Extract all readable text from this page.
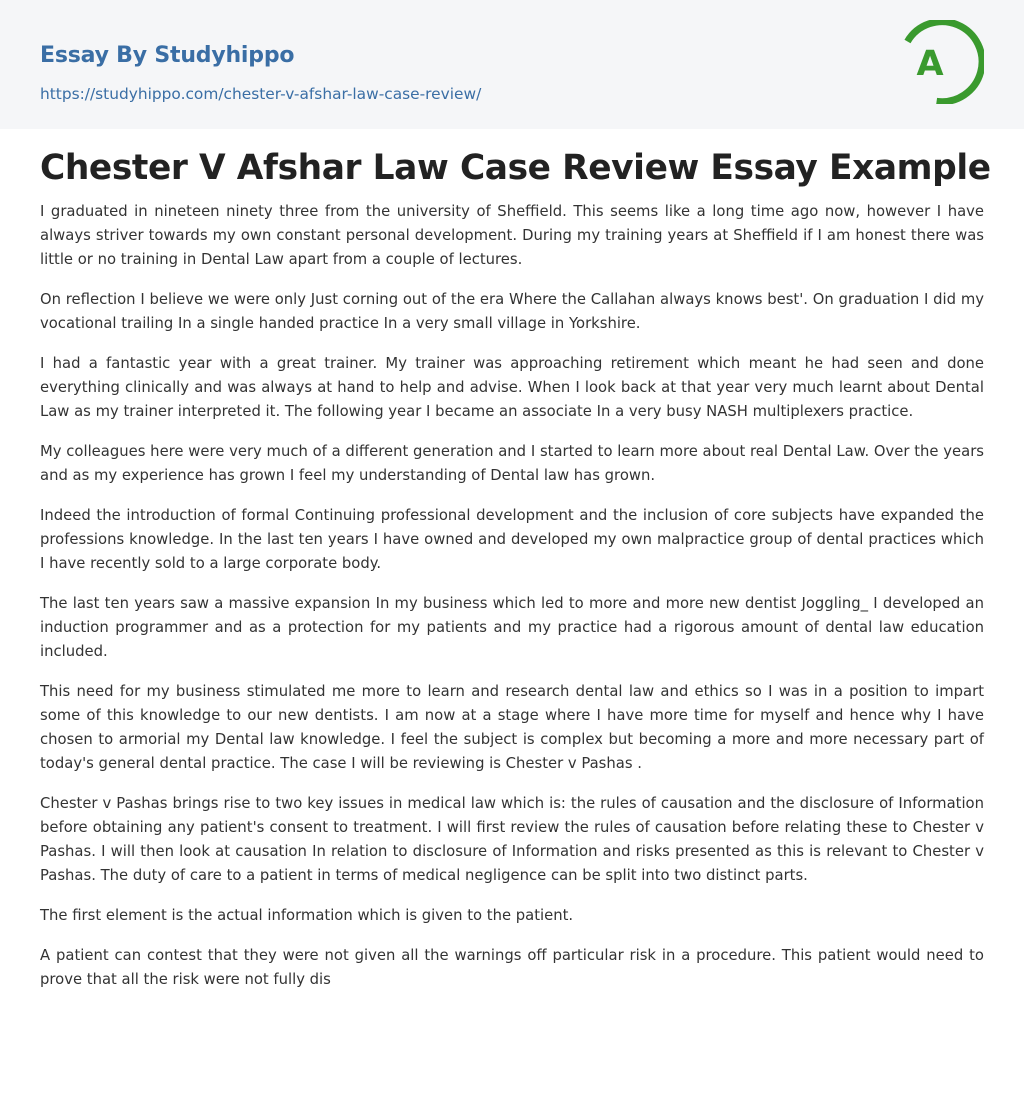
Essay By Studyhippo
https://studyhippo.com/chester-v-afshar-law-case-review/
A
Chester V Afshar Law Case Review Essay Example

I graduated in nineteen ninety three from the university of Sheffield. This seems like a long time ago now, however I have always striver towards my own constant personal development. During my training years at Sheffield if I am honest there was little or no training in Dental Law apart from a couple of lectures.

On reflection I believe we were only Just corning out of the era Where the Callahan always knows best'. On graduation I did my vocational trailing In a single handed practice In a very small village in Yorkshire.

I had a fantastic year with a great trainer. My trainer was approaching retirement which meant he had seen and done everything clinically and was always at hand to help and advise. When I look back at that year very much learnt about Dental Law as my trainer interpreted it. The following year I became an associate In a very busy NASH multiplexers practice.

My colleagues here were very much of a different generation and I started to learn more about real Dental Law. Over the years and as my experience has grown I feel my understanding of Dental law has grown.

Indeed the introduction of formal Continuing professional development and the inclusion of core subjects have expanded the professions knowledge. In the last ten years I have owned and developed my own malpractice group of dental practices which I have recently sold to a large corporate body.

The last ten years saw a massive expansion In my business which led to more and more new dentist Joggling_ I developed an induction programmer and as a protection for my patients and my practice had a rigorous amount of dental law education included.

This need for my business stimulated me more to learn and research dental law and ethics so I was in a position to impart some of this knowledge to our new dentists. I am now at a stage where I have more time for myself and hence why I have chosen to armorial my Dental law knowledge. I feel the subject is complex but becoming a more and more necessary part of today's general dental practice. The case I will be reviewing is Chester v Pashas .

Chester v Pashas brings rise to two key issues in medical law which is: the rules of causation and the disclosure of Information before obtaining any patient's consent to treatment. I will first review the rules of causation before relating these to Chester v Pashas. I will then look at causation In relation to disclosure of Information and risks presented as this is relevant to Chester v Pashas. The duty of care to a patient in terms of medical negligence can be split into two distinct parts.

The first element is the actual information which is given to the patient.

A patient can contest that they were not given all the warnings off particular risk in a procedure. This patient would need to prove that all the risk were not fully dis
